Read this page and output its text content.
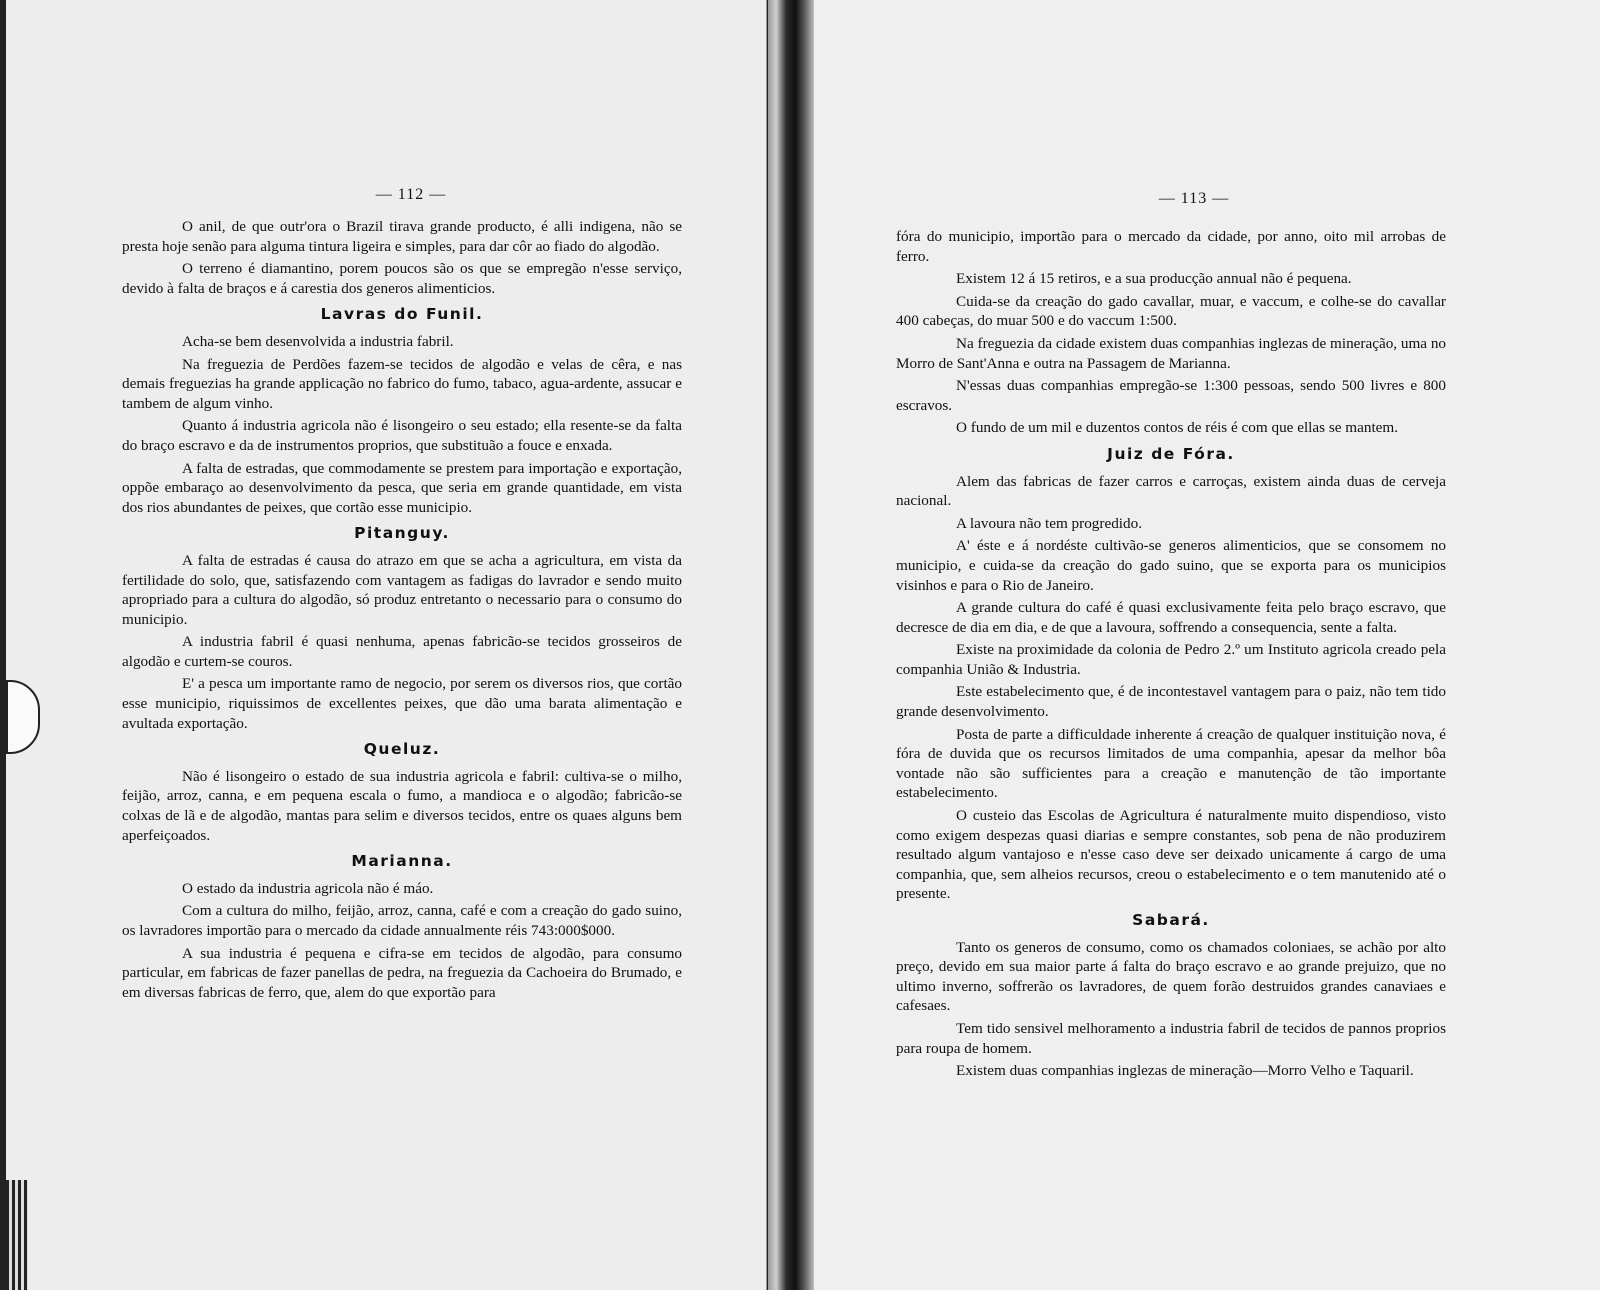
— 112 —

O anil, de que outr'ora o Brazil tirava grande producto, é alli indigena, não se presta hoje senão para alguma tintura ligeira e simples, para dar côr ao fiado do algodão.

O terreno é diamantino, porem poucos são os que se empregão n'esse serviço, devido à falta de braços e á carestia dos generos alimenticios.

Lavras do Funil.

Acha-se bem desenvolvida a industria fabril.

Na freguezia de Perdões fazem-se tecidos de algodão e velas de cêra, e nas demais freguezias ha grande applicação no fabrico do fumo, tabaco, agua-ardente, assucar e tambem de algum vinho.

Quanto á industria agricola não é lisongeiro o seu estado; ella resente-se da falta do braço escravo e da de instrumentos proprios, que substituão a fouce e enxada.

A falta de estradas, que commodamente se prestem para importação e exportação, oppõe embaraço ao desenvolvimento da pesca, que seria em grande quantidade, em vista dos rios abundantes de peixes, que cortão esse municipio.

Pitanguy.

A falta de estradas é causa do atrazo em que se acha a agricultura, em vista da fertilidade do solo, que, satisfazendo com vantagem as fadigas do lavrador e sendo muito apropriado para a cultura do algodão, só produz entretanto o necessario para o consumo do municipio.

A industria fabril é quasi nenhuma, apenas fabricão-se tecidos grosseiros de algodão e curtem-se couros.

E' a pesca um importante ramo de negocio, por serem os diversos rios, que cortão esse municipio, riquissimos de excellentes peixes, que dão uma barata alimentação e avultada exportação.

Queluz.

Não é lisongeiro o estado de sua industria agricola e fabril: cultiva-se o milho, feijão, arroz, canna, e em pequena escala o fumo, a mandioca e o algodão; fabricão-se colxas de lã e de algodão, mantas para selim e diversos tecidos, entre os quaes alguns bem aperfeiçoados.

Marianna.

O estado da industria agricola não é máo.

Com a cultura do milho, feijão, arroz, canna, café e com a creação do gado suino, os lavradores importão para o mercado da cidade annualmente réis 743:000$000.

A sua industria é pequena e cifra-se em tecidos de algodão, para consumo particular, em fabricas de fazer panellas de pedra, na freguezia da Cachoeira do Brumado, e em diversas fabricas de ferro, que, alem do que exportão para

— 113 —

fóra do municipio, importão para o mercado da cidade, por anno, oito mil arrobas de ferro.

Existem 12 á 15 retiros, e a sua producção annual não é pequena.

Cuida-se da creação do gado cavallar, muar, e vaccum, e colhe-se do cavallar 400 cabeças, do muar 500 e do vaccum 1:500.

Na freguezia da cidade existem duas companhias inglezas de mineração, uma no Morro de Sant'Anna e outra na Passagem de Marianna.

N'essas duas companhias empregão-se 1:300 pessoas, sendo 500 livres e 800 escravos.

O fundo de um mil e duzentos contos de réis é com que ellas se mantem.

Juiz de Fóra.

Alem das fabricas de fazer carros e carroças, existem ainda duas de cerveja nacional.

A lavoura não tem progredido.

A' éste e á nordéste cultivão-se generos alimenticios, que se consomem no municipio, e cuida-se da creação do gado suino, que se exporta para os municipios visinhos e para o Rio de Janeiro.

A grande cultura do café é quasi exclusivamente feita pelo braço escravo, que decresce de dia em dia, e de que a lavoura, soffrendo a consequencia, sente a falta.

Existe na proximidade da colonia de Pedro 2.º um Instituto agricola creado pela companhia União & Industria.

Este estabelecimento que, é de incontestavel vantagem para o paiz, não tem tido grande desenvolvimento.

Posta de parte a difficuldade inherente á creação de qualquer instituição nova, é fóra de duvida que os recursos limitados de uma companhia, apesar da melhor bôa vontade não são sufficientes para a creação e manutenção de tão importante estabelecimento.

O custeio das Escolas de Agricultura é naturalmente muito dispendioso, visto como exigem despezas quasi diarias e sempre constantes, sob pena de não produzirem resultado algum vantajoso e n'esse caso deve ser deixado unicamente á cargo de uma companhia, que, sem alheios recursos, creou o estabelecimento e o tem manutenido até o presente.

Sabará.

Tanto os generos de consumo, como os chamados coloniaes, se achão por alto preço, devido em sua maior parte á falta do braço escravo e ao grande prejuizo, que no ultimo inverno, soffrerão os lavradores, de quem forão destruidos grandes canaviaes e cafesaes.

Tem tido sensivel melhoramento a industria fabril de tecidos de pannos proprios para roupa de homem.

Existem duas companhias inglezas de mineração—Morro Velho e Taquaril.
